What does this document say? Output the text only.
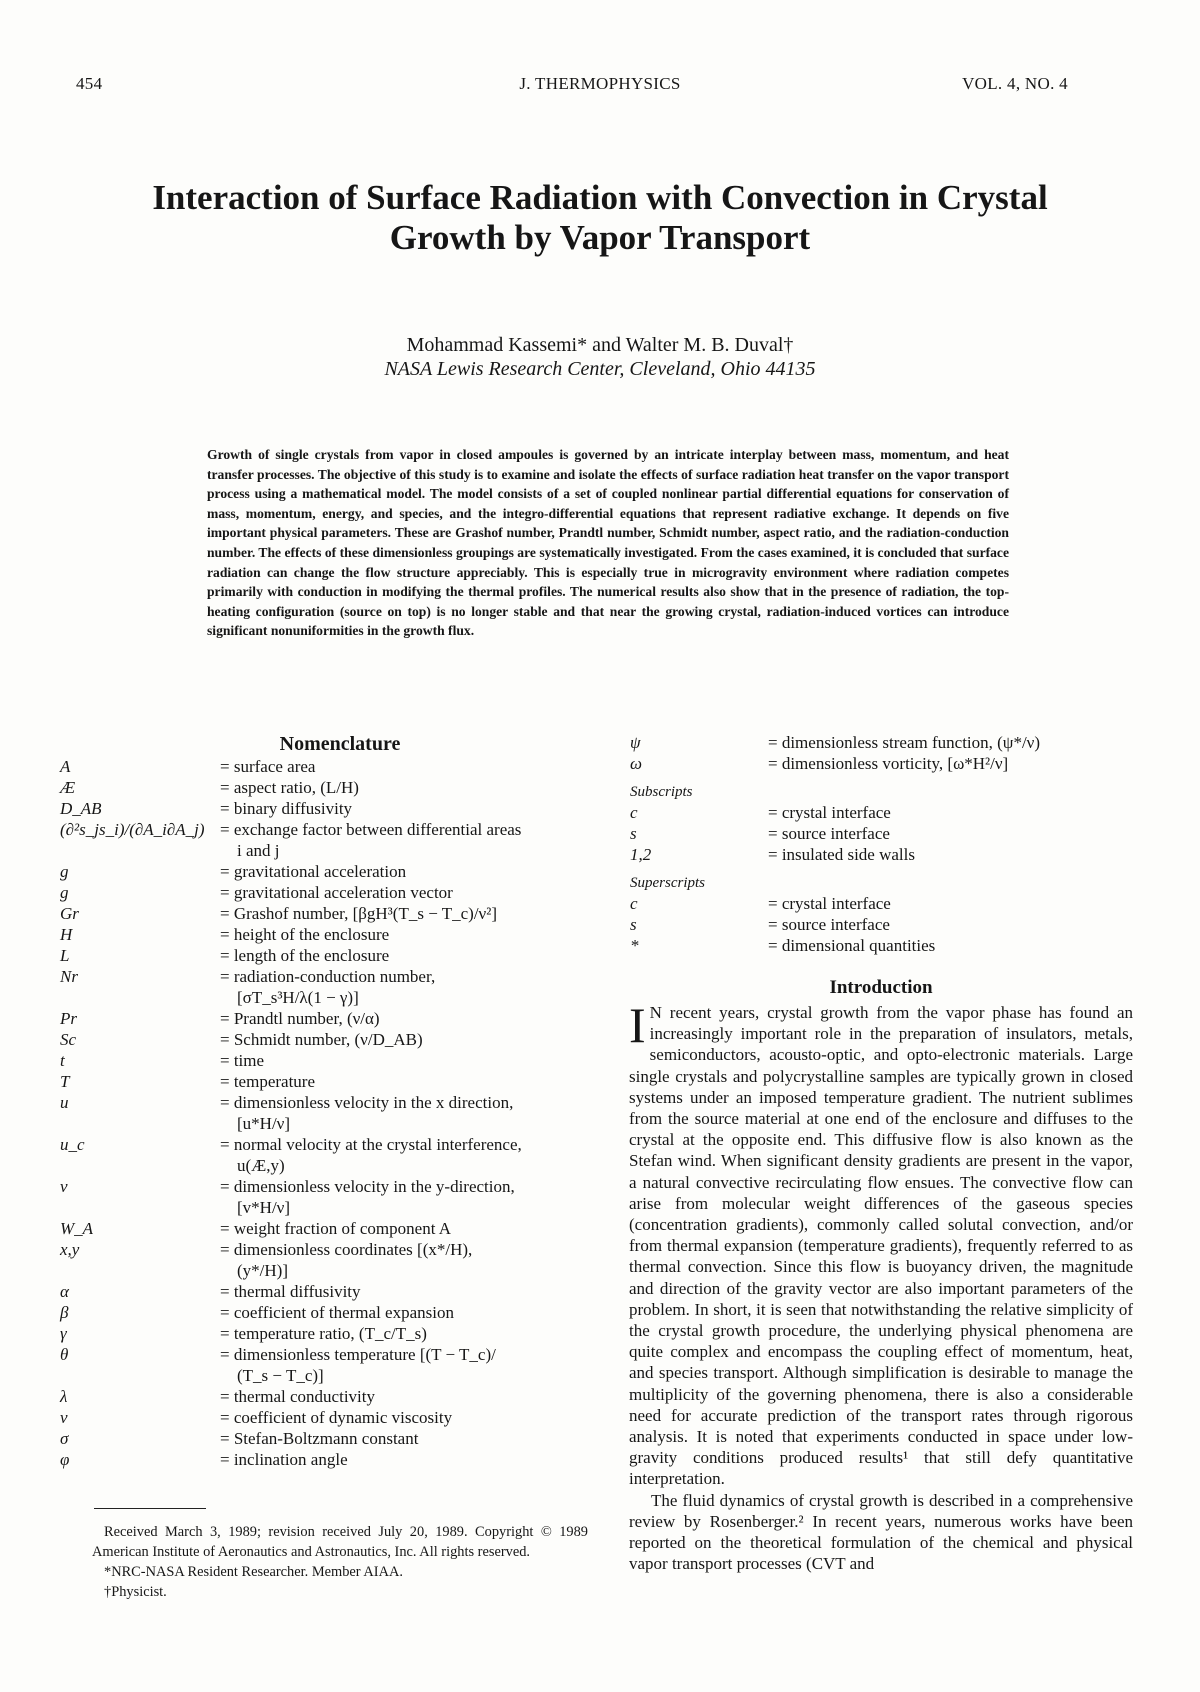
454	J. THERMOPHYSICS	VOL. 4, NO. 4
Interaction of Surface Radiation with Convection in Crystal
Growth by Vapor Transport
Mohammad Kassemi* and Walter M. B. Duval†
NASA Lewis Research Center, Cleveland, Ohio 44135

Growth of single crystals from vapor in closed ampoules is governed by an intricate interplay between mass, momentum, and heat transfer processes. The objective of this study is to examine and isolate the effects of surface radiation heat transfer on the vapor transport process using a mathematical model. The model consists of a set of coupled nonlinear partial differential equations for conservation of mass, momentum, energy, and species, and the integro-differential equations that represent radiative exchange. It depends on five important physical parameters. These are Grashof number, Prandtl number, Schmidt number, aspect ratio, and the radiation-conduction number. The effects of these dimensionless groupings are systematically investigated. From the cases examined, it is concluded that surface radiation can change the flow structure appreciably. This is especially true in microgravity environment where radiation competes primarily with conduction in modifying the thermal profiles. The numerical results also show that in the presence of radiation, the top-heating configuration (source on top) is no longer stable and that near the growing crystal, radiation-induced vortices can introduce significant nonuniformities in the growth flux.

Nomenclature
A	= surface area
Æ	= aspect ratio, (L/H)
D_AB	= binary diffusivity
(∂²s_js_i)/(∂A_i∂A_j) = exchange factor between differential areas
i and j
g	= gravitational acceleration
g	= gravitational acceleration vector
Gr	= Grashof number, [βgH³(T_s − T_c)/ν²]
H	= height of the enclosure
L	= length of the enclosure
Nr	= radiation-conduction number,
[σT_s³H/λ(1 − γ)]
Pr	= Prandtl number, (ν/α)
Sc	= Schmidt number, (ν/D_AB)
t	= time
T	= temperature
u	= dimensionless velocity in the x direction,
[u*H/ν]
u_c	= normal velocity at the crystal interference,
u(Æ,y)
v	= dimensionless velocity in the y-direction,
[v*H/ν]
W_A	= weight fraction of component A
x,y	= dimensionless coordinates [(x*/H),
(y*/H)]
α	= thermal diffusivity
β	= coefficient of thermal expansion
γ	= temperature ratio, (T_c/T_s)
θ	= dimensionless temperature [(T − T_c)/
(T_s − T_c)]
λ	= thermal conductivity
ν	= coefficient of dynamic viscosity
σ	= Stefan-Boltzmann constant
φ	= inclination angle
ψ	= dimensionless stream function, (ψ*/ν)
ω	= dimensionless vorticity, [ω*H²/ν]
Subscripts
c	= crystal interface
s	= source interface
1,2	= insulated side walls
Superscripts
c	= crystal interface
s	= source interface
*	= dimensional quantities
Introduction

I N recent years, crystal growth from the vapor phase has found an increasingly important role in the preparation of insulators, metals, semiconductors, acousto-optic, and opto-electronic materials. Large single crystals and polycrystalline samples are typically grown in closed systems under an imposed temperature gradient. The nutrient sublimes from the source material at one end of the enclosure and diffuses to the crystal at the opposite end. This diffusive flow is also known as the Stefan wind. When significant density gradients are present in the vapor, a natural convective recirculating flow ensues. The convective flow can arise from molecular weight differences of the gaseous species (concentration gradients), commonly called solutal convection, and/or from thermal expansion (temperature gradients), frequently referred to as thermal convection. Since this flow is buoyancy driven, the magnitude and direction of the gravity vector are also important parameters of the problem. In short, it is seen that notwithstanding the relative simplicity of the crystal growth procedure, the underlying physical phenomena are quite complex and encompass the coupling effect of momentum, heat, and species transport. Although simplification is desirable to manage the multiplicity of the governing phenomena, there is also a considerable need for accurate prediction of the transport rates through rigorous analysis. It is noted that experiments conducted in space under low-gravity conditions produced results¹ that still defy quantitative interpretation.

The fluid dynamics of crystal growth is described in a comprehensive review by Rosenberger.² In recent years, numerous works have been reported on the theoretical formulation of the chemical and physical vapor transport processes (CVT and

Received March 3, 1989; revision received July 20, 1989. Copyright © 1989 American Institute of Aeronautics and Astronautics, Inc. All rights reserved.
*NRC-NASA Resident Researcher. Member AIAA.
†Physicist.
